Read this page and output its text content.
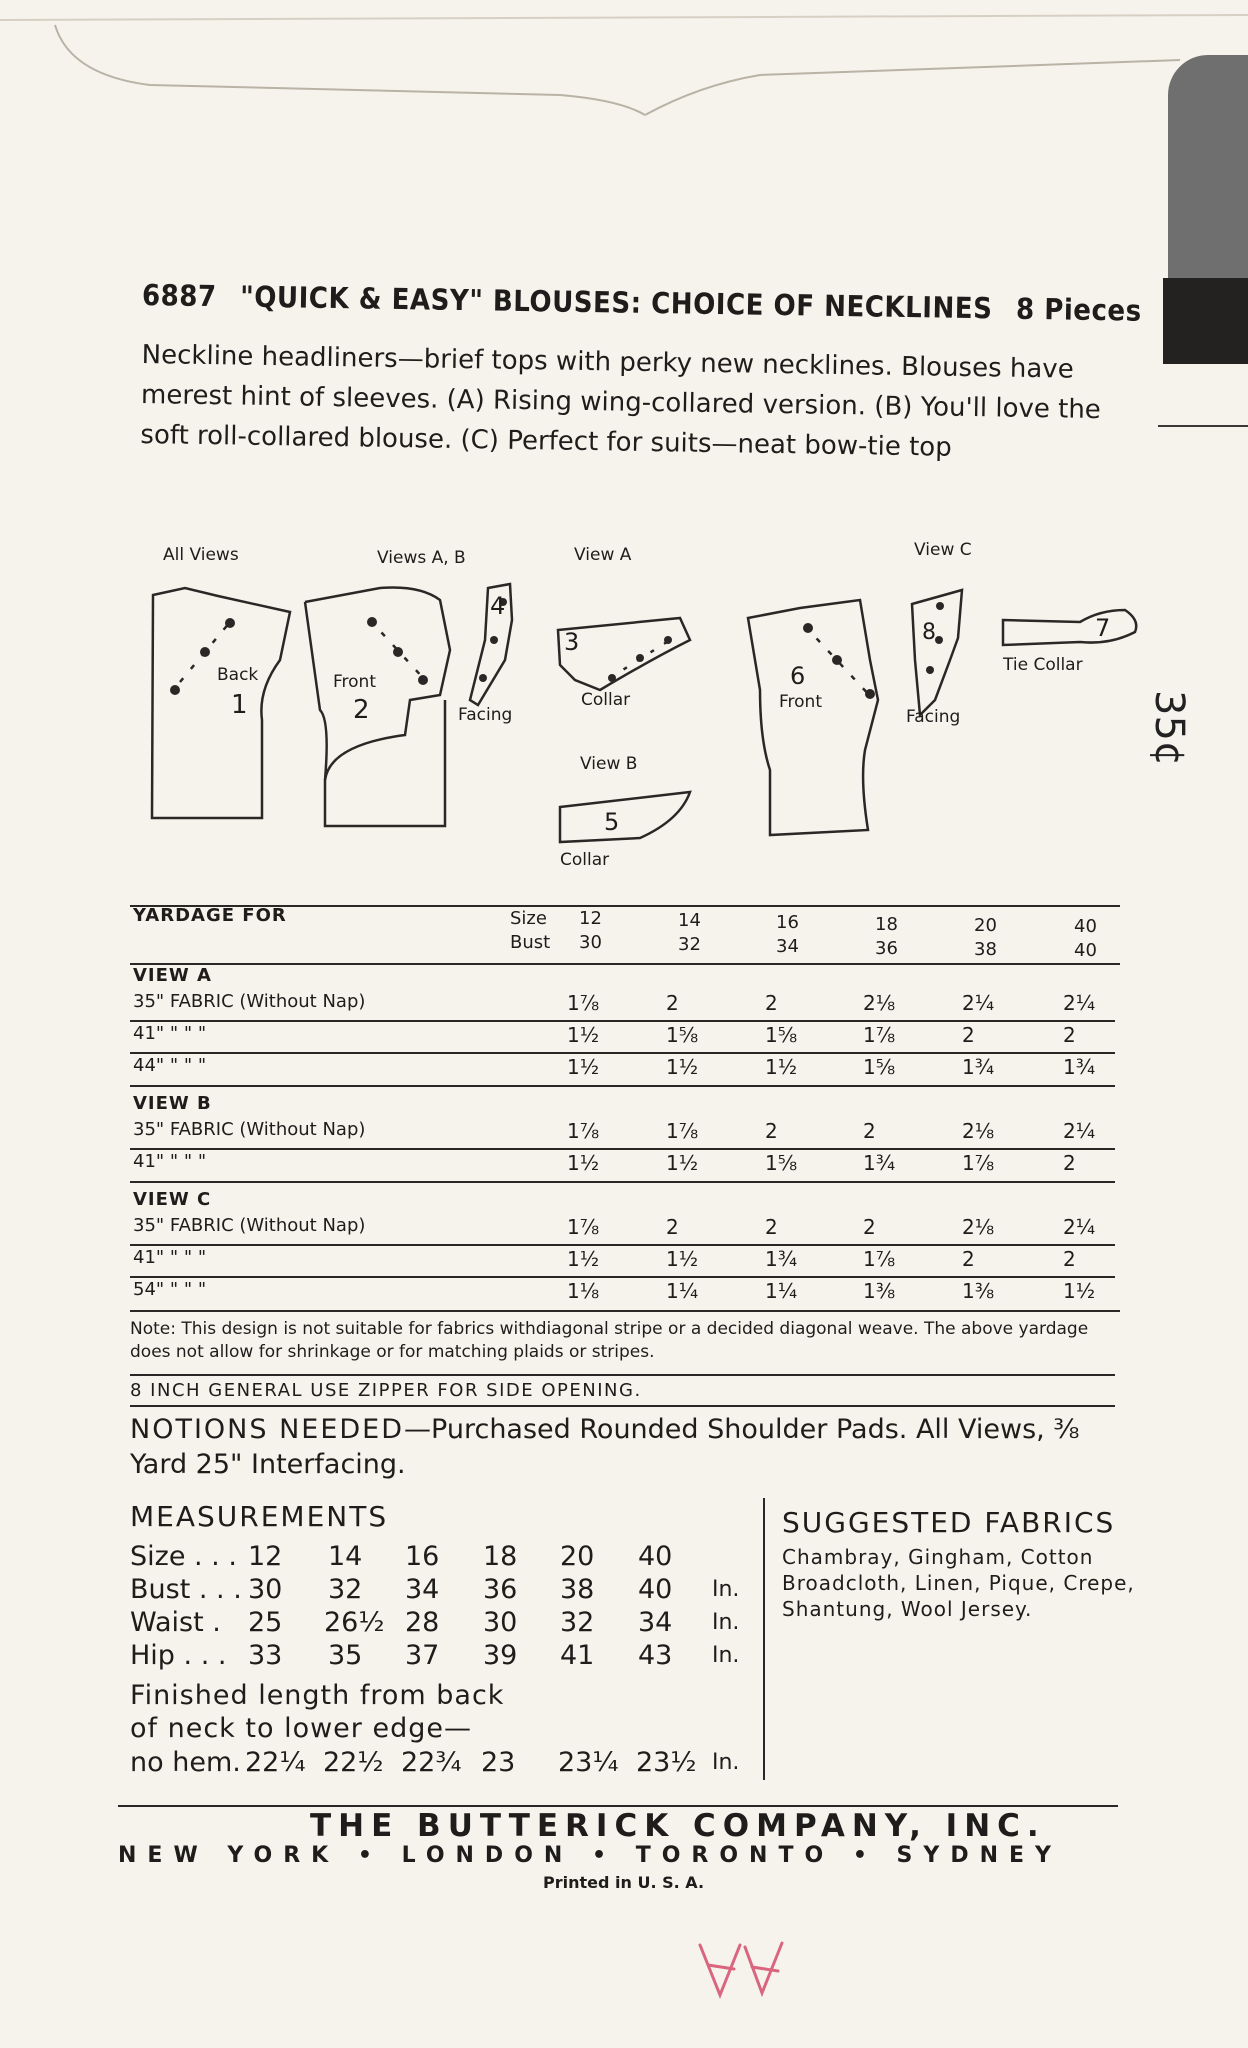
35¢
6887 "QUICK & EASY" BLOUSES: CHOICE OF NECKLINES 8 Pieces
Neckline headliners—brief tops with perky new necklines. Blouses have
merest hint of sleeves. (A) Rising wing-collared version. (B) You'll love the
soft roll-collared blouse. (C) Perfect for suits—neat bow-tie top
All Views	Views A, B	View A	View C
View B
Back
1
Front
2
4
Facing
3
Collar
5
Collar
6
Front
8
Facing
7
Tie Collar
YARDAGE FOR	Size
Bust
12	14	16	18	20	40
30	32	34	36	38	40
VIEW A
35" FABRIC (Without Nap)	1⅞	2	2	2⅛	2¼	2¼
41" " " "	1½	1⅝	1⅝	1⅞	2	2
44" " " "	1½	1½	1½	1⅝	1¾	1¾
VIEW B
35" FABRIC (Without Nap)	1⅞	1⅞	2	2	2⅛	2¼
41" " " "	1½	1½	1⅝	1¾	1⅞	2
VIEW C
35" FABRIC (Without Nap)	1⅞	2	2	2	2⅛	2¼
41" " " "	1½	1½	1¾	1⅞	2	2
54" " " "	1⅛	1¼	1¼	1⅜	1⅜	1½
Note: This design is not suitable for fabrics withdiagonal stripe or a decided diagonal weave. The above yardage
does not allow for shrinkage or for matching plaids or stripes.
8 INCH GENERAL USE ZIPPER FOR SIDE OPENING.
NOTIONS NEEDED—Purchased Rounded Shoulder Pads. All Views, ⅜
Yard 25" Interfacing.
MEASUREMENTS
Size . . . 12 14 16 18 20 40
Bust . . . 30 32 34 36 38 40 In.
Waist . 25 26½ 28 30 32 34 In.
Hip . . . 33 35 37 39 41 43 In.
Finished length from back
of neck to lower edge—
no hem. 22¼ 22½ 22¾ 23 23¼ 23½ In.
SUGGESTED FABRICS
Chambray, Gingham, Cotton
Broadcloth, Linen, Pique, Crepe,
Shantung, Wool Jersey.
THE BUTTERICK COMPANY, INC.
NEW YORK • LONDON • TORONTO • SYDNEY
Printed in U. S. A.
